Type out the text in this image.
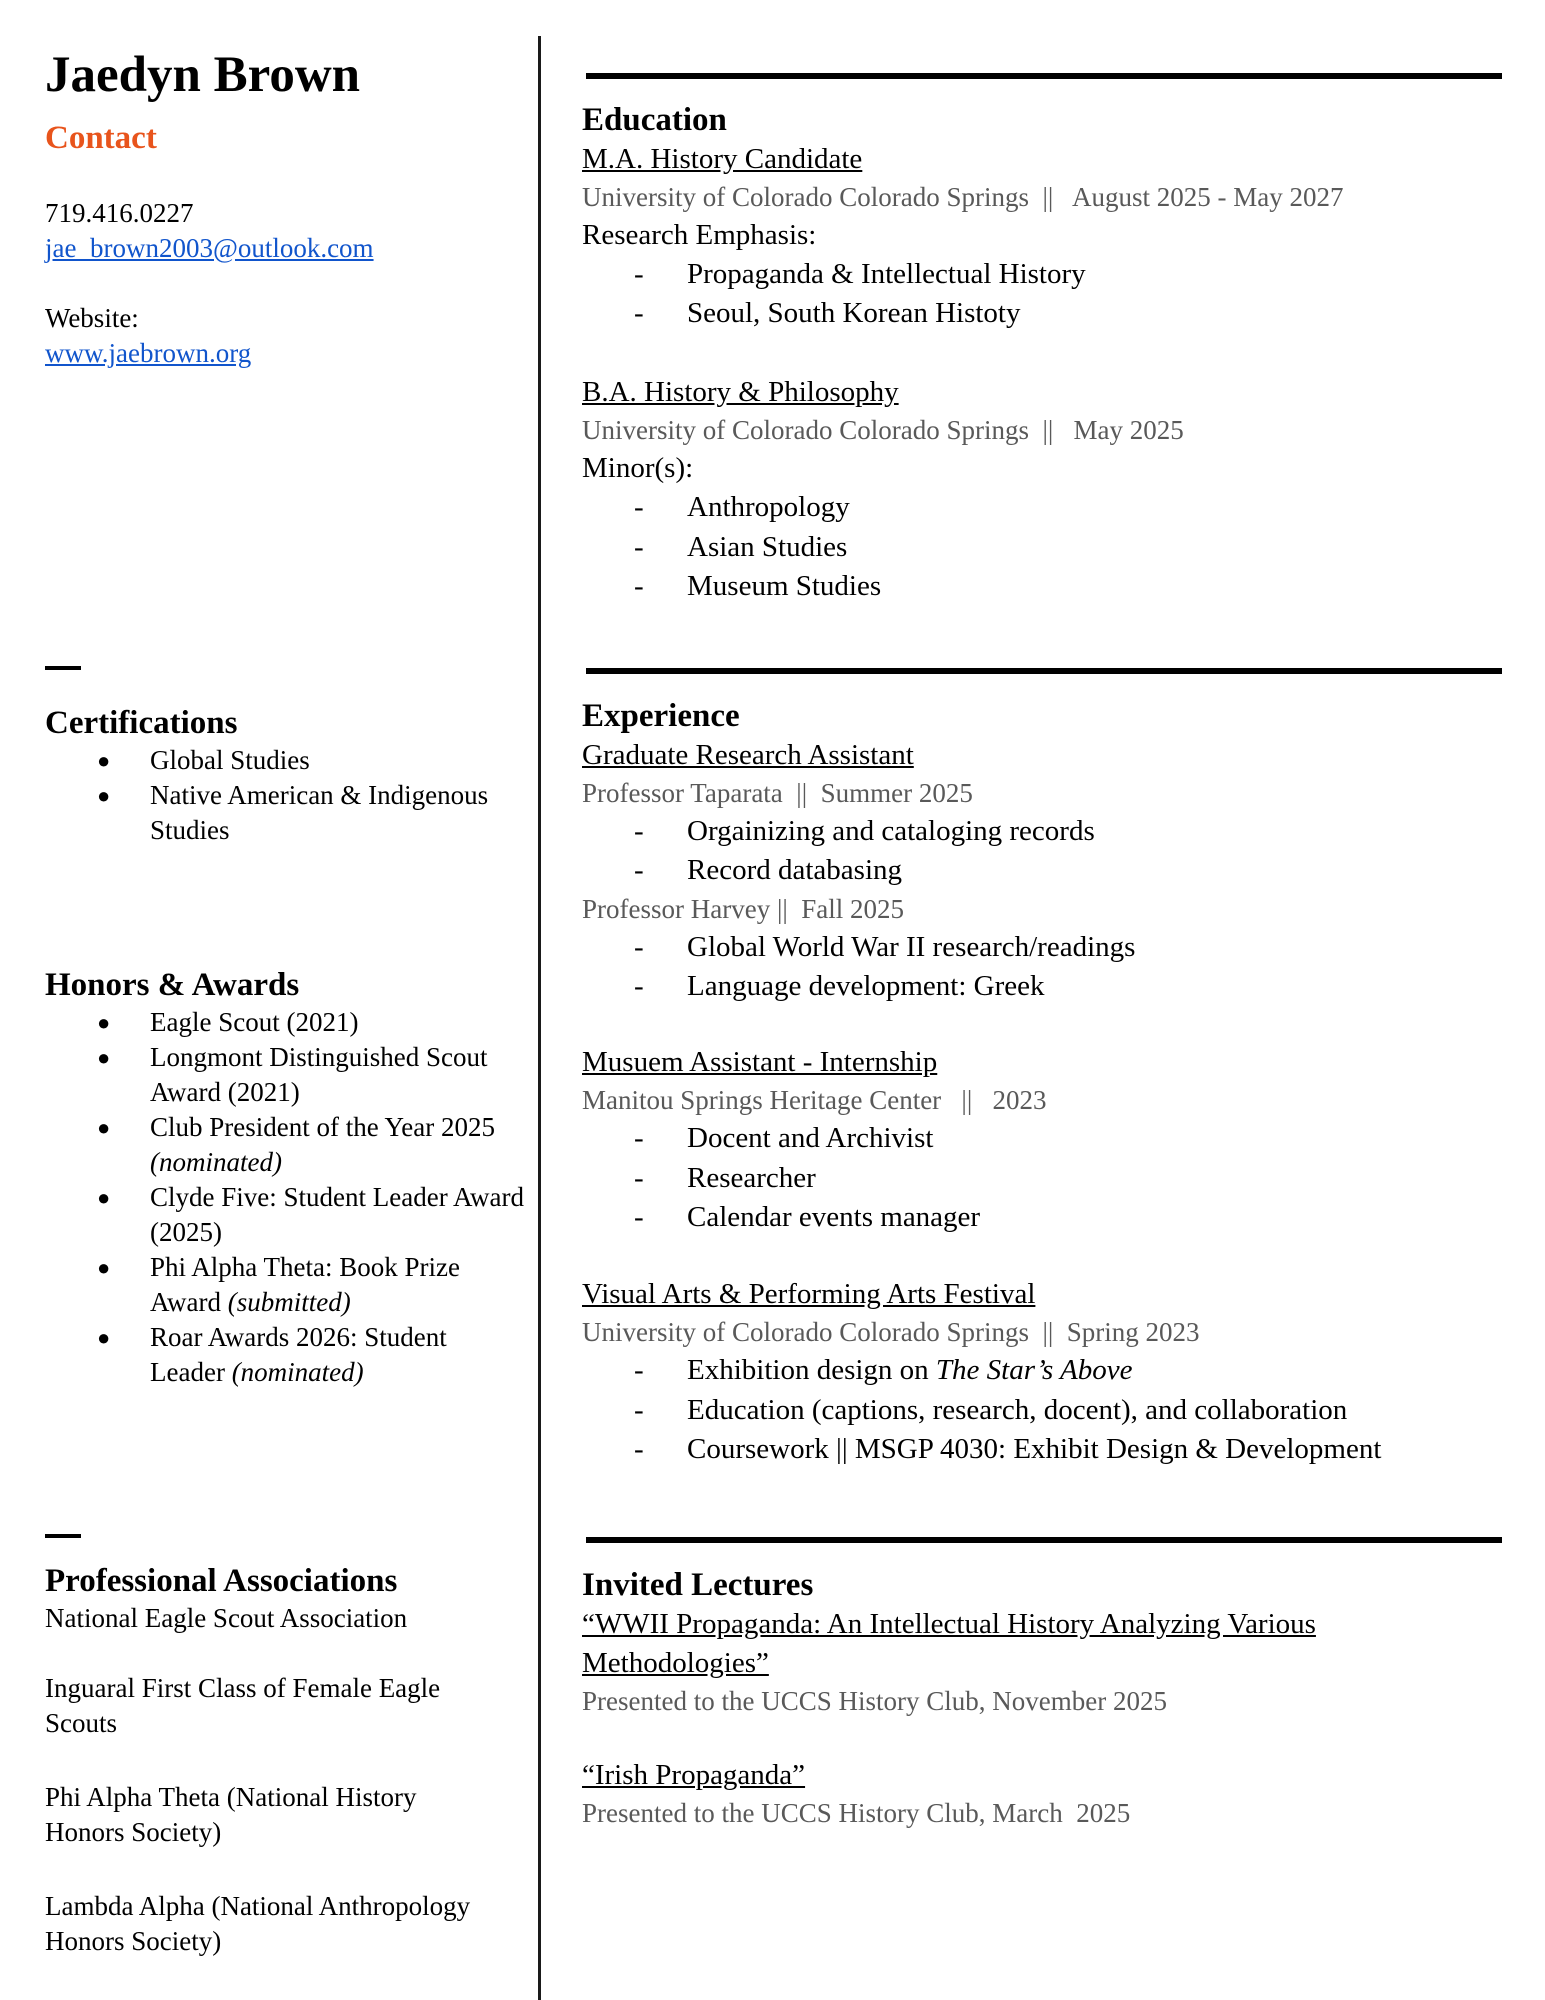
Jaedyn Brown
Contact
719.416.0227
jae_brown2003@outlook.com
Website:
www.jaebrown.org
Certifications
● Global Studies
● Native American & Indigenous Studies
Honors & Awards
● Eagle Scout (2021)
● Longmont Distinguished Scout Award (2021)
● Club President of the Year 2025 (nominated)
● Clyde Five: Student Leader Award (2025)
● Phi Alpha Theta: Book Prize Award (submitted)
● Roar Awards 2026: Student Leader (nominated)
Professional Associations
National Eagle Scout Association
Inguaral First Class of Female Eagle Scouts
Phi Alpha Theta (National History Honors Society)
Lambda Alpha (National Anthropology Honors Society)
Education
M.A. History Candidate
University of Colorado Colorado Springs  ||   August 2025 - May 2027
Research Emphasis:
- Propaganda & Intellectual History
- Seoul, South Korean Histoty
B.A. History & Philosophy
University of Colorado Colorado Springs  ||   May 2025
Minor(s):
- Anthropology
- Asian Studies
- Museum Studies
Experience
Graduate Research Assistant
Professor Taparata  ||  Summer 2025
- Orgainizing and cataloging records
- Record databasing
Professor Harvey ||  Fall 2025
- Global World War II research/readings
- Language development: Greek
Musuem Assistant - Internship
Manitou Springs Heritage Center   ||   2023
- Docent and Archivist
- Researcher
- Calendar events manager
Visual Arts & Performing Arts Festival
University of Colorado Colorado Springs  ||  Spring 2023
- Exhibition design on The Star’s Above
- Education (captions, research, docent), and collaboration
- Coursework || MSGP 4030: Exhibit Design & Development
Invited Lectures
“WWII Propaganda: An Intellectual History Analyzing Various Methodologies”
Presented to the UCCS History Club, November 2025
“Irish Propaganda”
Presented to the UCCS History Club, March  2025
